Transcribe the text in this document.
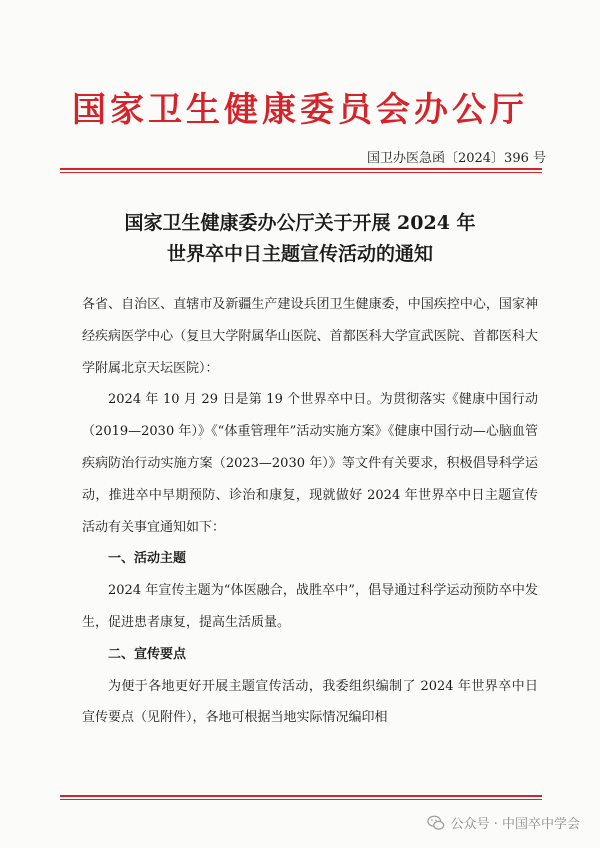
国家卫生健康委员会办公厅
国卫办医急函〔2024〕396 号
国家卫生健康委办公厅关于开展 2024 年
世界卒中日主题宣传活动的通知

各省、自治区、直辖市及新疆生产建设兵团卫生健康委，中国疾控中心，国家神经疾病医学中心（复旦大学附属华山医院、首都医科大学宣武医院、首都医科大学附属北京天坛医院）：

2024 年 10 月 29 日是第 19 个世界卒中日。为贯彻落实《健康中国行动（2019—2030 年）》《“体重管理年”活动实施方案》《健康中国行动—心脑血管疾病防治行动实施方案（2023—2030 年）》等文件有关要求，积极倡导科学运动，推进卒中早期预防、诊治和康复，现就做好 2024 年世界卒中日主题宣传活动有关事宜通知如下：

一、活动主题

2024 年宣传主题为“体医融合，战胜卒中”，倡导通过科学运动预防卒中发生，促进患者康复，提高生活质量。

二、宣传要点

为便于各地更好开展主题宣传活动，我委组织编制了 2024 年世界卒中日宣传要点（见附件），各地可根据当地实际情况编印相

公众号 · 中国卒中学会
